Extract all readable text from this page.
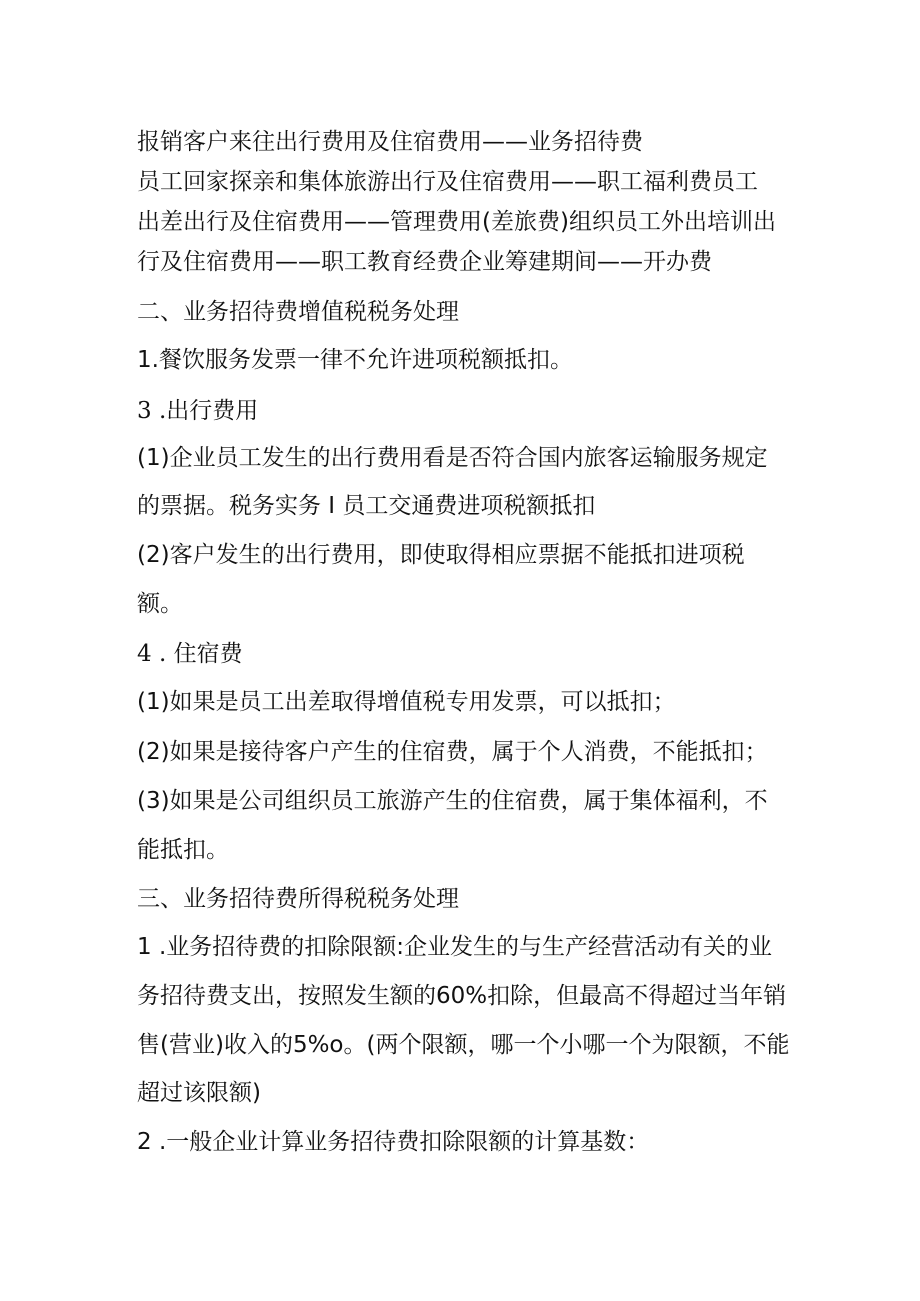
报销客户来往出行费用及住宿费用——业务招待费
员工回家探亲和集体旅游出行及住宿费用——职工福利费员工
出差出行及住宿费用——管理费用(差旅费)组织员工外出培训出
行及住宿费用——职工教育经费企业筹建期间——开办费
二、业务招待费增值税税务处理
1.餐饮服务发票一律不允许进项税额抵扣。
3 .出行费用
(1)企业员工发生的出行费用看是否符合国内旅客运输服务规定
的票据。税务实务 I 员工交通费进项税额抵扣
(2)客户发生的出行费用，即使取得相应票据不能抵扣进项税
额。
4 . 住宿费
(1)如果是员工出差取得增值税专用发票，可以抵扣；
(2)如果是接待客户产生的住宿费，属于个人消费，不能抵扣；
(3)如果是公司组织员工旅游产生的住宿费，属于集体福利，不
能抵扣。
三、业务招待费所得税税务处理
1 .业务招待费的扣除限额:企业发生的与生产经营活动有关的业
务招待费支出，按照发生额的60%扣除，但最高不得超过当年销
售(营业)收入的5%o。(两个限额，哪一个小哪一个为限额，不能
超过该限额)
2 .一般企业计算业务招待费扣除限额的计算基数：
